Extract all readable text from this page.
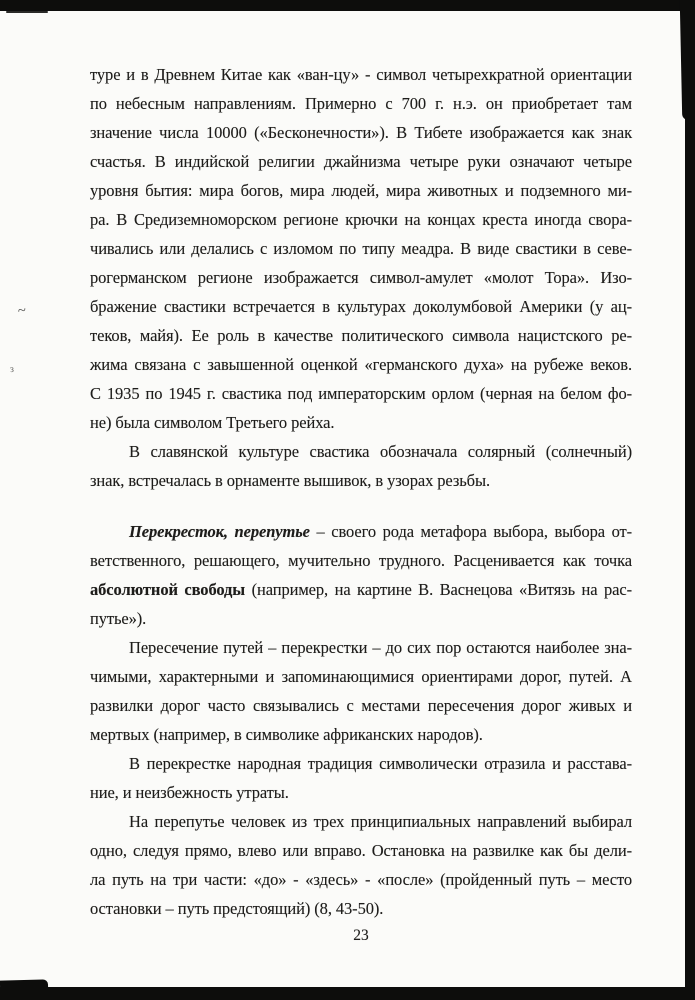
туре и в Древнем Китае как «ван-цу» - символ четырехкратной ориентации
по небесным направлениям. Примерно с 700 г. н.э. он приобретает там
значение числа 10000 («Бесконечности»). В Тибете изображается как знак
счастья. В индийской религии джайнизма четыре руки означают четыре
уровня бытия: мира богов, мира людей, мира животных и подземного ми-
ра. В Средиземноморском регионе крючки на концах креста иногда свора-
чивались или делались с изломом по типу меадра. В виде свастики в севе-
рогерманском регионе изображается символ-амулет «молот Тора». Изо-
бражение свастики встречается в культурах доколумбовой Америки (у ац-
теков, майя). Ее роль в качестве политического символа нацистского ре-
жима связана с завышенной оценкой «германского духа» на рубеже веков.
С 1935 по 1945 г. свастика под императорским орлом (черная на белом фо-
не) была символом Третьего рейха.
В славянской культуре свастика обозначала солярный (солнечный)
знак, встречалась в орнаменте вышивок, в узорах резьбы.
Перекресток, перепутье – своего рода метафора выбора, выбора от-
ветственного, решающего, мучительно трудного. Расценивается как точка
абсолютной свободы (например, на картине В. Васнецова «Витязь на рас-
путье»).
Пересечение путей – перекрестки – до сих пор остаются наиболее зна-
чимыми, характерными и запоминающимися ориентирами дорог, путей. А
развилки дорог часто связывались с местами пересечения дорог живых и
мертвых (например, в символике африканских народов).
В перекрестке народная традиция символически отразила и расстава-
ние, и неизбежность утраты.
На перепутье человек из трех принципиальных направлений выбирал
одно, следуя прямо, влево или вправо. Остановка на развилке как бы дели-
ла путь на три части: «до» - «здесь» - «после» (пройденный путь – место
остановки – путь предстоящий) (8, 43-50).
23
~
з
